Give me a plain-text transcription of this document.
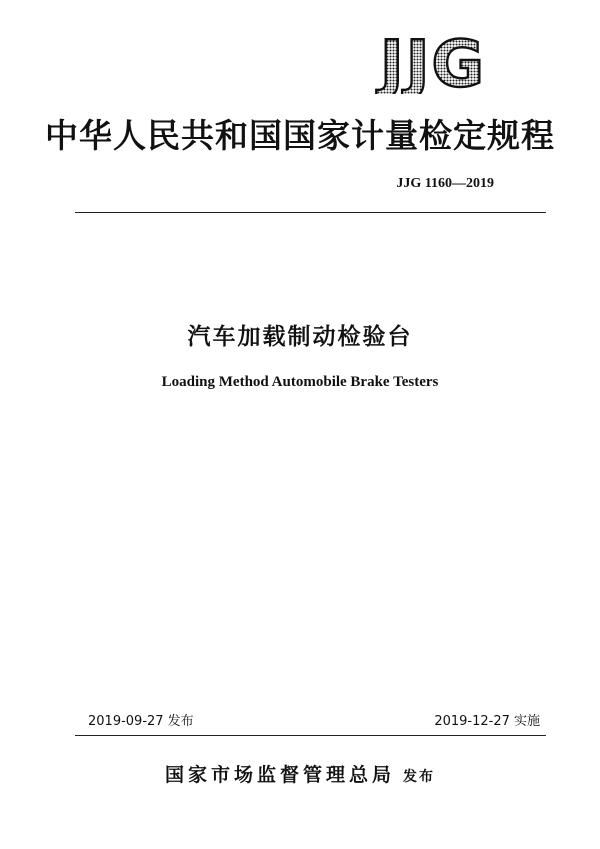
JJG
中华人民共和国国家计量检定规程
JJG 1160—2019
汽车加载制动检验台
Loading Method Automobile Brake Testers
2019-09-27 发布	2019-12-27 实施
国家市场监督管理总局 发布
